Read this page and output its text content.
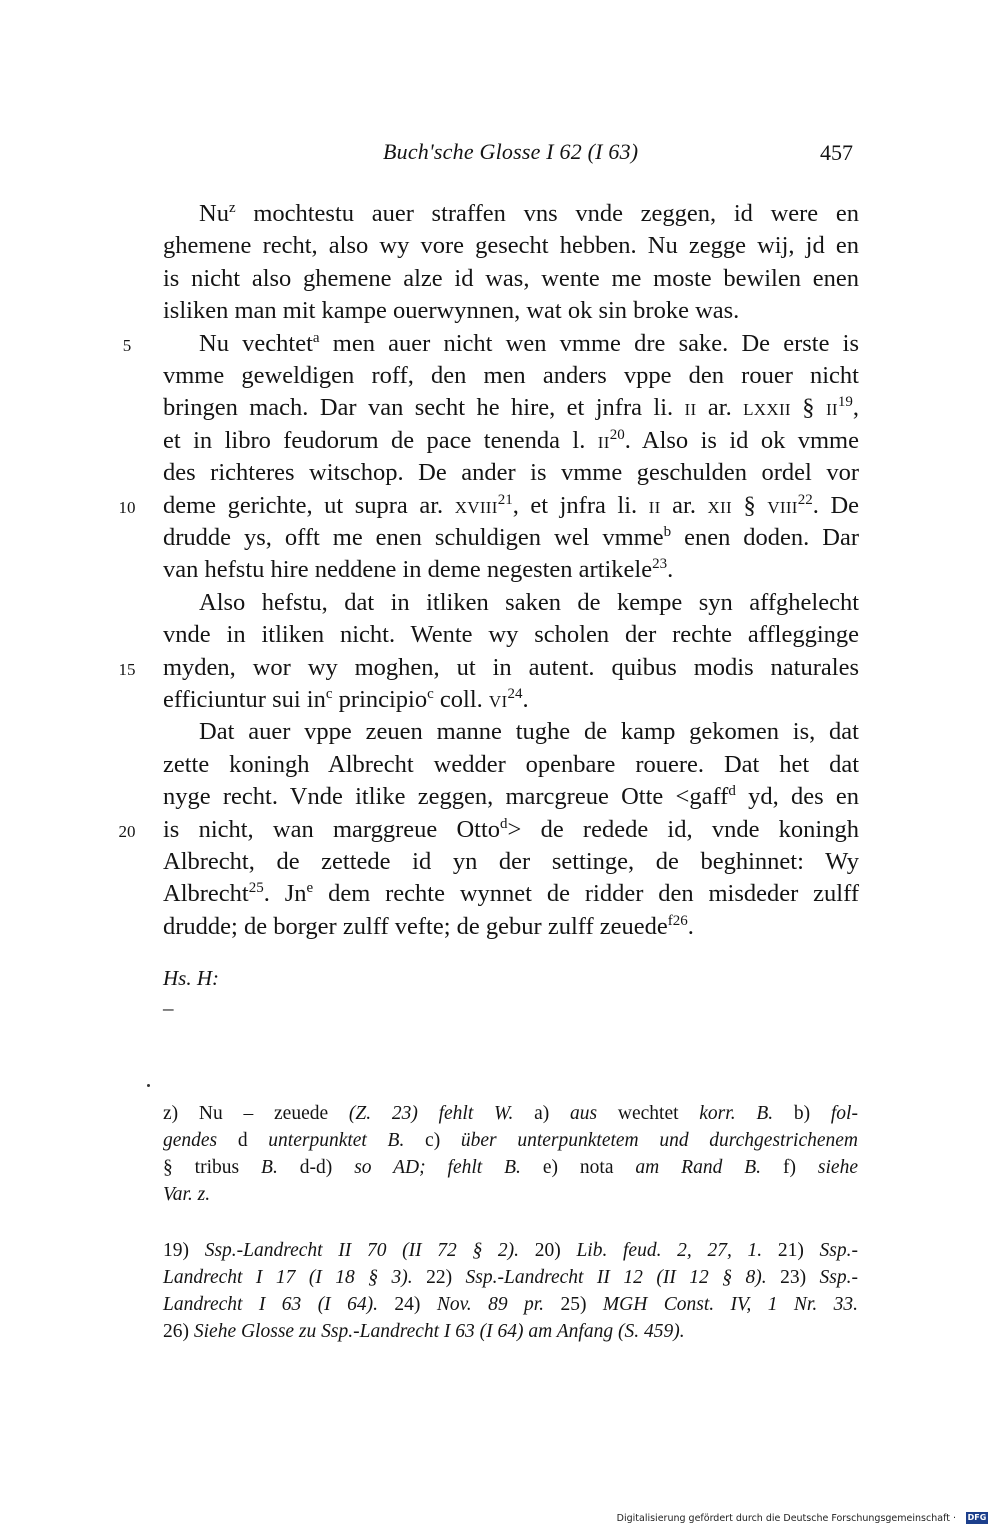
Buch'sche Glosse I 62 (I 63)	457
5
10
15
20
Nu$^z$ mochtestu auer straffen vns vnde zeggen, id were en
ghemene recht, also wy vore gesecht hebben. Nu zegge wij, jd en
is nicht also ghemene alze id was, wente me moste bewilen enen
isliken man mit kampe ouerwynnen, wat ok sin broke was.
Nu vechtet$^a$ men auer nicht wen vmme dre sake. De erste is
vmme geweldigen roff, den men anders vppe den rouer nicht
bringen mach. Dar van secht he hire, et jnfra li. II ar. LXXII § II$^{19}$,
et in libro feudorum de pace tenenda l. II$^{20}$. Also is id ok vmme
des richteres witschop. De ander is vmme geschulden ordel vor
deme gerichte, ut supra ar. XVIII$^{21}$, et jnfra li. II ar. XII § VIII$^{22}$. De
drudde ys, offt me enen schuldigen wel vmme$^b$ enen doden. Dar
van hefstu hire neddene in deme negesten artikele$^{23}$.
Also hefstu, dat in itliken saken de kempe syn affghelecht
vnde in itliken nicht. Wente wy scholen der rechte afflegginge
myden, wor wy moghen, ut in autent. quibus modis naturales
efficiuntur sui $in^c$ principio$^c$ coll. VI$^{24}$.
Dat auer vppe zeuen manne tughe de kamp gekomen is, dat
zette koningh Albrecht wedder openbare rouere. Dat het dat
nyge recht. Vnde itlike zeggen, marcgreue Otte <gaff$^d$ yd, des en
is nicht, wan marggreue Otto$^d$> de redede id, vnde koningh
Albrecht, de zettede id yn der settinge, de beghinnet: Wy
Albrecht$^{25}$. Jn$^e$ dem rechte wynnet de ridder den misdeder zulff
drudde; de borger zulff vefte; de gebur zulff zeuede$^{f26}$.
Hs. H:
–
z) Nu – zeuede (Z. 23) fehlt W. a) aus wechtet korr. B. b) fol-
gendes d unterpunktet B. c) über unterpunktetem und durchgestrichenem
§ tribus B. d-d) so AD; fehlt B. e) nota am Rand B. f) siehe
Var. z.
19) Ssp.-Landrecht II 70 (II 72 § 2). 20) Lib. feud. 2, 27, 1. 21) Ssp.-
Landrecht I 17 (I 18 § 3). 22) Ssp.-Landrecht II 12 (II 12 § 8). 23) Ssp.-
Landrecht I 63 (I 64). 24) Nov. 89 pr. 25) MGH Const. IV, 1 Nr. 33.
26) Siehe Glosse zu Ssp.-Landrecht I 63 (I 64) am Anfang (S. 459).
Digitalisierung gefördert durch die Deutsche Forschungsgemeinschaft · DFG
